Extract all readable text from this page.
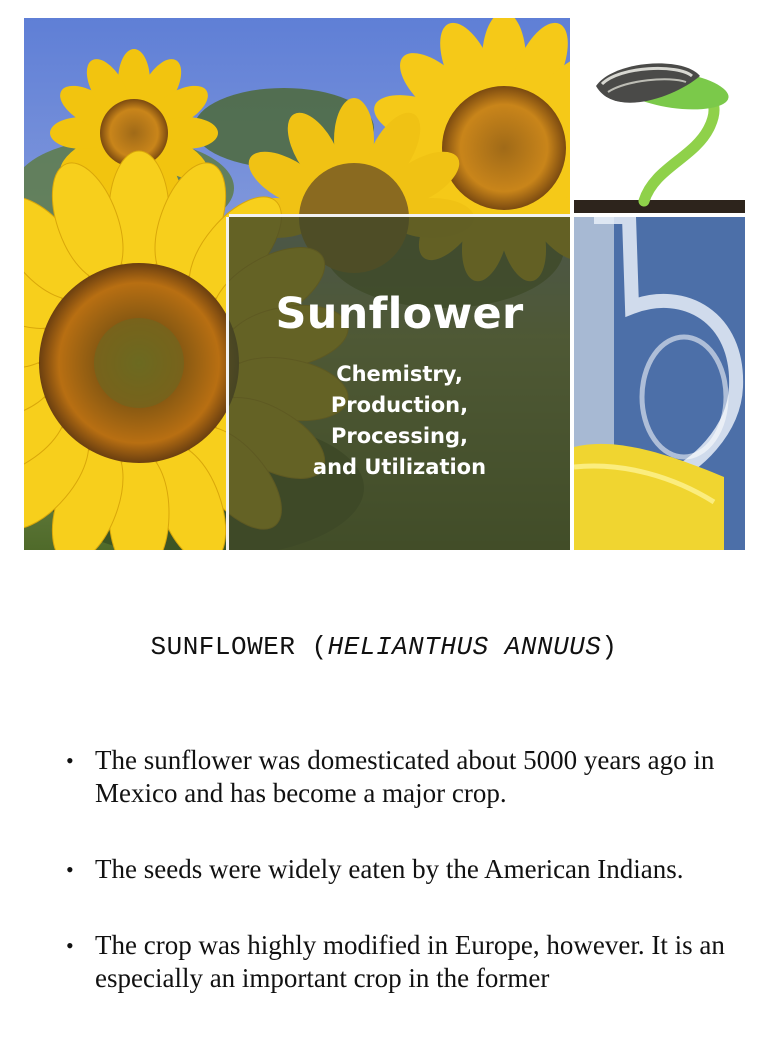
Sunflower
Chemistry,
Production,
Processing,
and Utilization
SUNFLOWER (HELIANTHUS ANNUUS)
• The sunflower was domesticated about 5000 years ago in Mexico and has become a major crop.
• The seeds were widely eaten by the American Indians.
• The crop was highly modified in Europe, however. It is an especially an important crop in the former
